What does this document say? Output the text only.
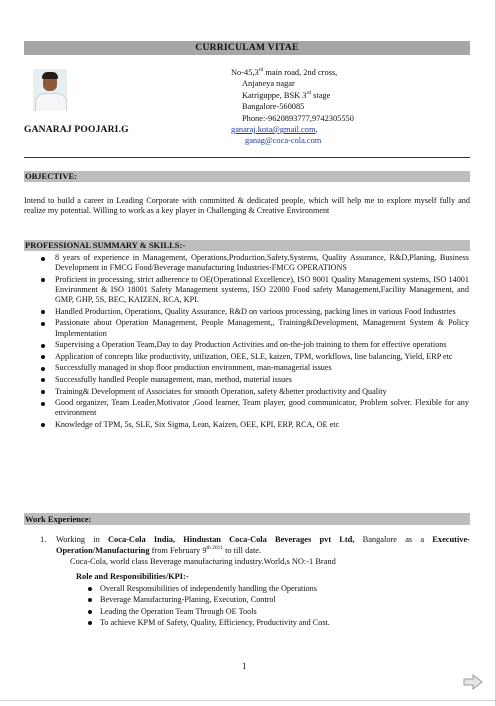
CURRICULAM VITAE
GANARAJ POOJARI.G
No-45,3rd main road, 2nd cross,
Anjaneya nagar
Katriguppe, BSK 3rd stage
Bangalore-560085
Phone:-9620893777,9742305550
ganaraj.kota@gmail.com,
ganag@coca-cola.com
OBJECTIVE:
Intend to build a career in Leading Corporate with committed & dedicated people, which will help me to explore myself fully and realize my potential. Willing to work as a key player in Challenging & Creative Environment
PROFESSIONAL SUMMARY & SKILLS:-
8 years of experience in Management, Operations,Production,Safety,Systems, Quality Assurance, R&D,Planing, Business Development in FMCG Food/Beverage manufacturing Industries-FMCG OPERATIONS
Proficient in processing, strict adherence to OE(Operational Excellence), ISO 9001 Quality Management systems, ISO 14001 Environment & ISO 18001 Safety Management systems, ISO 22000 Food safety Management,Facility Management, and GMP, GHP, 5S, BEC, KAIZEN, RCA, KPI.
Handled Production, Operations, Quality Assurance, R&D on various processing, packing lines in various Food Industries
Passionate about Operation Management, People Management,, Training&Development, Management System & Policy Implementation
Supervising a Operation Team,Day to day Production Activities and on-the-job training to them for effective operations
Application of concepts like productivity, utilization, OEE, SLE, kaizen, TPM, workflows, line balancing, Yield, ERP etc
Successfully managed in shop floor production environment, man-managerial issues
Successfully handled People management, man, method, material issues
Training& Development of Associates for smooth Operation, safety &better productivity and Quality
Good organizer, Team Leader,Motivator ,Good learner, Team player, good communicator, Problem solver. Flexible for any environment
Knowledge of TPM, 5s, SLE, Six Sigma, Lean, Kaizen, OEE, KPI, ERP, RCA, OE etc
Work Experience:
1. Working in Coca-Cola India, Hindustan Coca-Cola Beverages pvt Ltd, Bangalore as a Executive-Operation/Manufacturing from February $9^{th 2011}$ to till date.
Coca-Cola, world class Beverage manufacturing industry.World,s NO:-1 Brand
Role and Responsibilities/KPI:-
Overall Responsibilities of independently handling the Operations
Beverage Manufacturing-Planing, Execution, Control
Leading the Operation Team Through OE Tools
To achieve KPM of Safety, Quality, Efficiency, Productivity and Cost.
1
